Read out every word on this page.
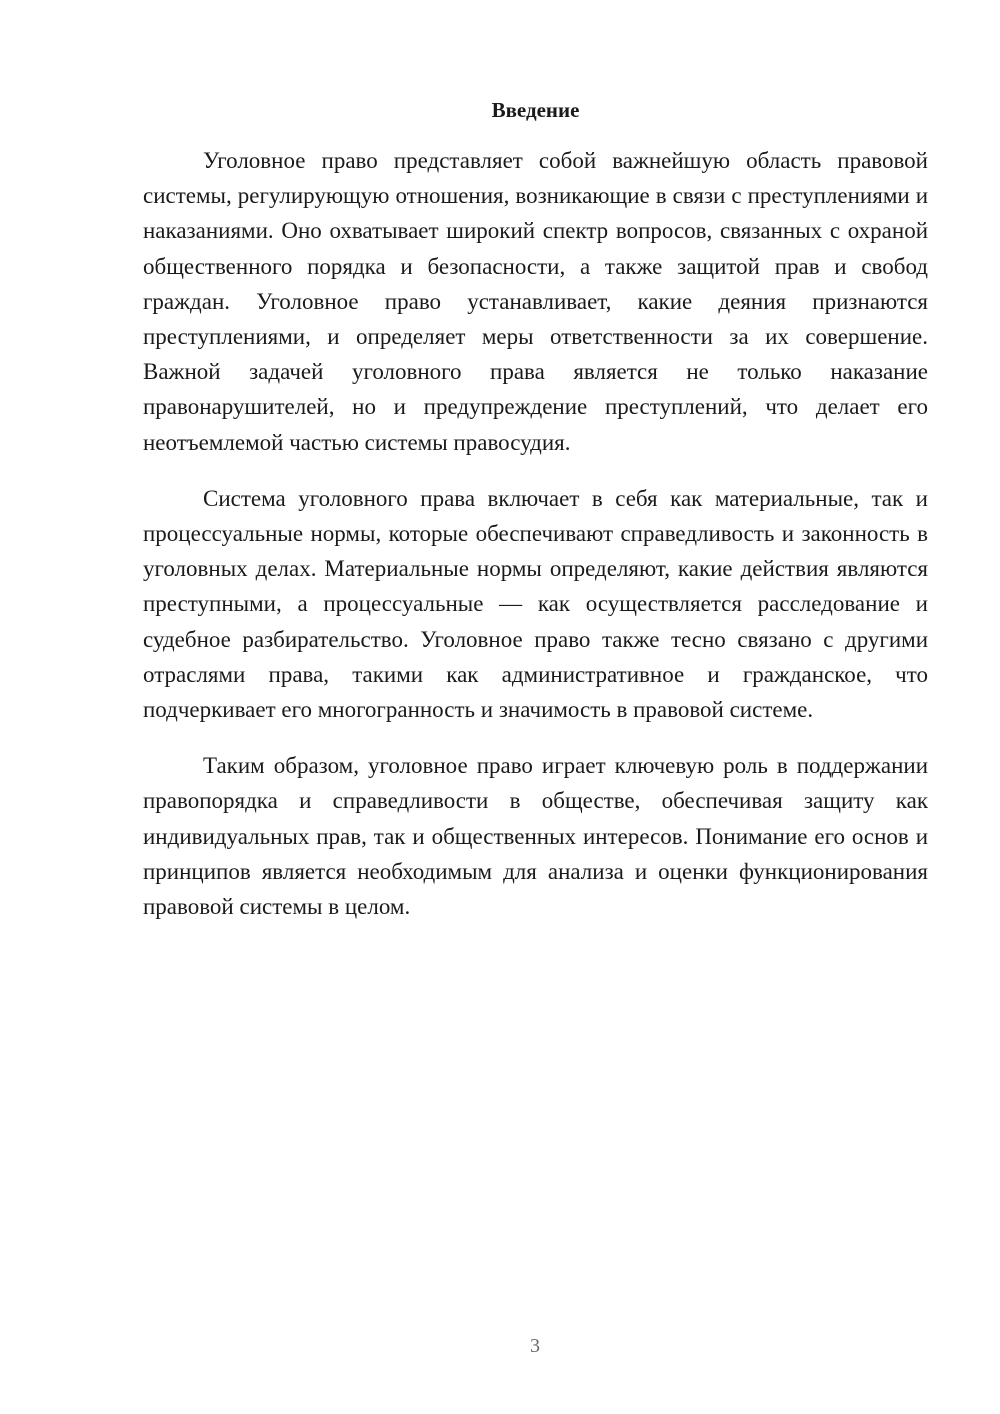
Введение

Уголовное право представляет собой важнейшую область правовой системы, регулирующую отношения, возникающие в связи с преступлениями и наказаниями. Оно охватывает широкий спектр вопросов, связанных с охраной общественного порядка и безопасности, а также защитой прав и свобод граждан. Уголовное право устанавливает, какие деяния признаются преступлениями, и определяет меры ответственности за их совершение. Важной задачей уголовного права является не только наказание правонарушителей, но и предупреждение преступлений, что делает его неотъемлемой частью системы правосудия.

Система уголовного права включает в себя как материальные, так и процессуальные нормы, которые обеспечивают справедливость и законность в уголовных делах. Материальные нормы определяют, какие действия являются преступными, а процессуальные — как осуществляется расследование и судебное разбирательство. Уголовное право также тесно связано с другими отраслями права, такими как административное и гражданское, что подчеркивает его многогранность и значимость в правовой системе.

Таким образом, уголовное право играет ключевую роль в поддержании правопорядка и справедливости в обществе, обеспечивая защиту как индивидуальных прав, так и общественных интересов. Понимание его основ и принципов является необходимым для анализа и оценки функционирования правовой системы в целом.

3
